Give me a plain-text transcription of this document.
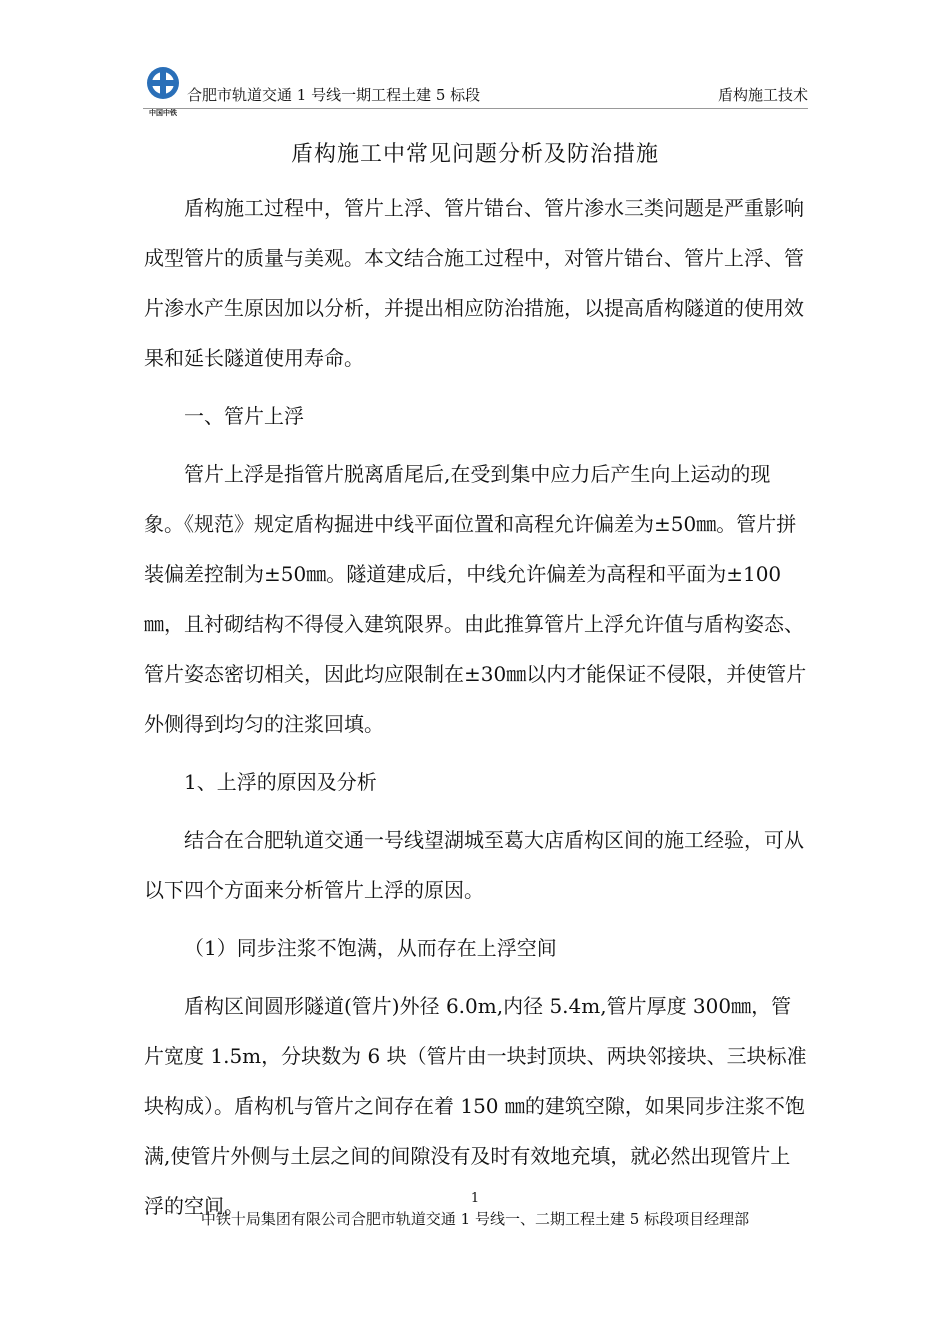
中国中铁
合肥市轨道交通 1 号线一期工程土建 5 标段	盾构施工技术
盾构施工中常见问题分析及防治措施

盾构施工过程中，管片上浮、管片错台、管片渗水三类问题是严重影响成型管片的质量与美观。本文结合施工过程中，对管片错台、管片上浮、管片渗水产生原因加以分析，并提出相应防治措施，以提高盾构隧道的使用效果和延长隧道使用寿命。

一、管片上浮

管片上浮是指管片脱离盾尾后,在受到集中应力后产生向上运动的现象。《规范》规定盾构掘进中线平面位置和高程允许偏差为±50㎜。管片拼装偏差控制为±50㎜。隧道建成后，中线允许偏差为高程和平面为±100㎜，且衬砌结构不得侵入建筑限界。由此推算管片上浮允许值与盾构姿态、管片姿态密切相关，因此均应限制在±30㎜以内才能保证不侵限，并使管片外侧得到均匀的注浆回填。

1、上浮的原因及分析

结合在合肥轨道交通一号线望湖城至葛大店盾构区间的施工经验，可从以下四个方面来分析管片上浮的原因。

（1）同步注浆不饱满，从而存在上浮空间

盾构区间圆形隧道(管片)外径 6.0m,内径 5.4m,管片厚度 300㎜，管片宽度 1.5m，分块数为 6 块（管片由一块封顶块、两块邻接块、三块标准块构成）。盾构机与管片之间存在着 150 ㎜的建筑空隙，如果同步注浆不饱满,使管片外侧与土层之间的间隙没有及时有效地充填，就必然出现管片上浮的空间。	1
中铁十局集团有限公司合肥市轨道交通 1 号线一、二期工程土建 5 标段项目经理部
